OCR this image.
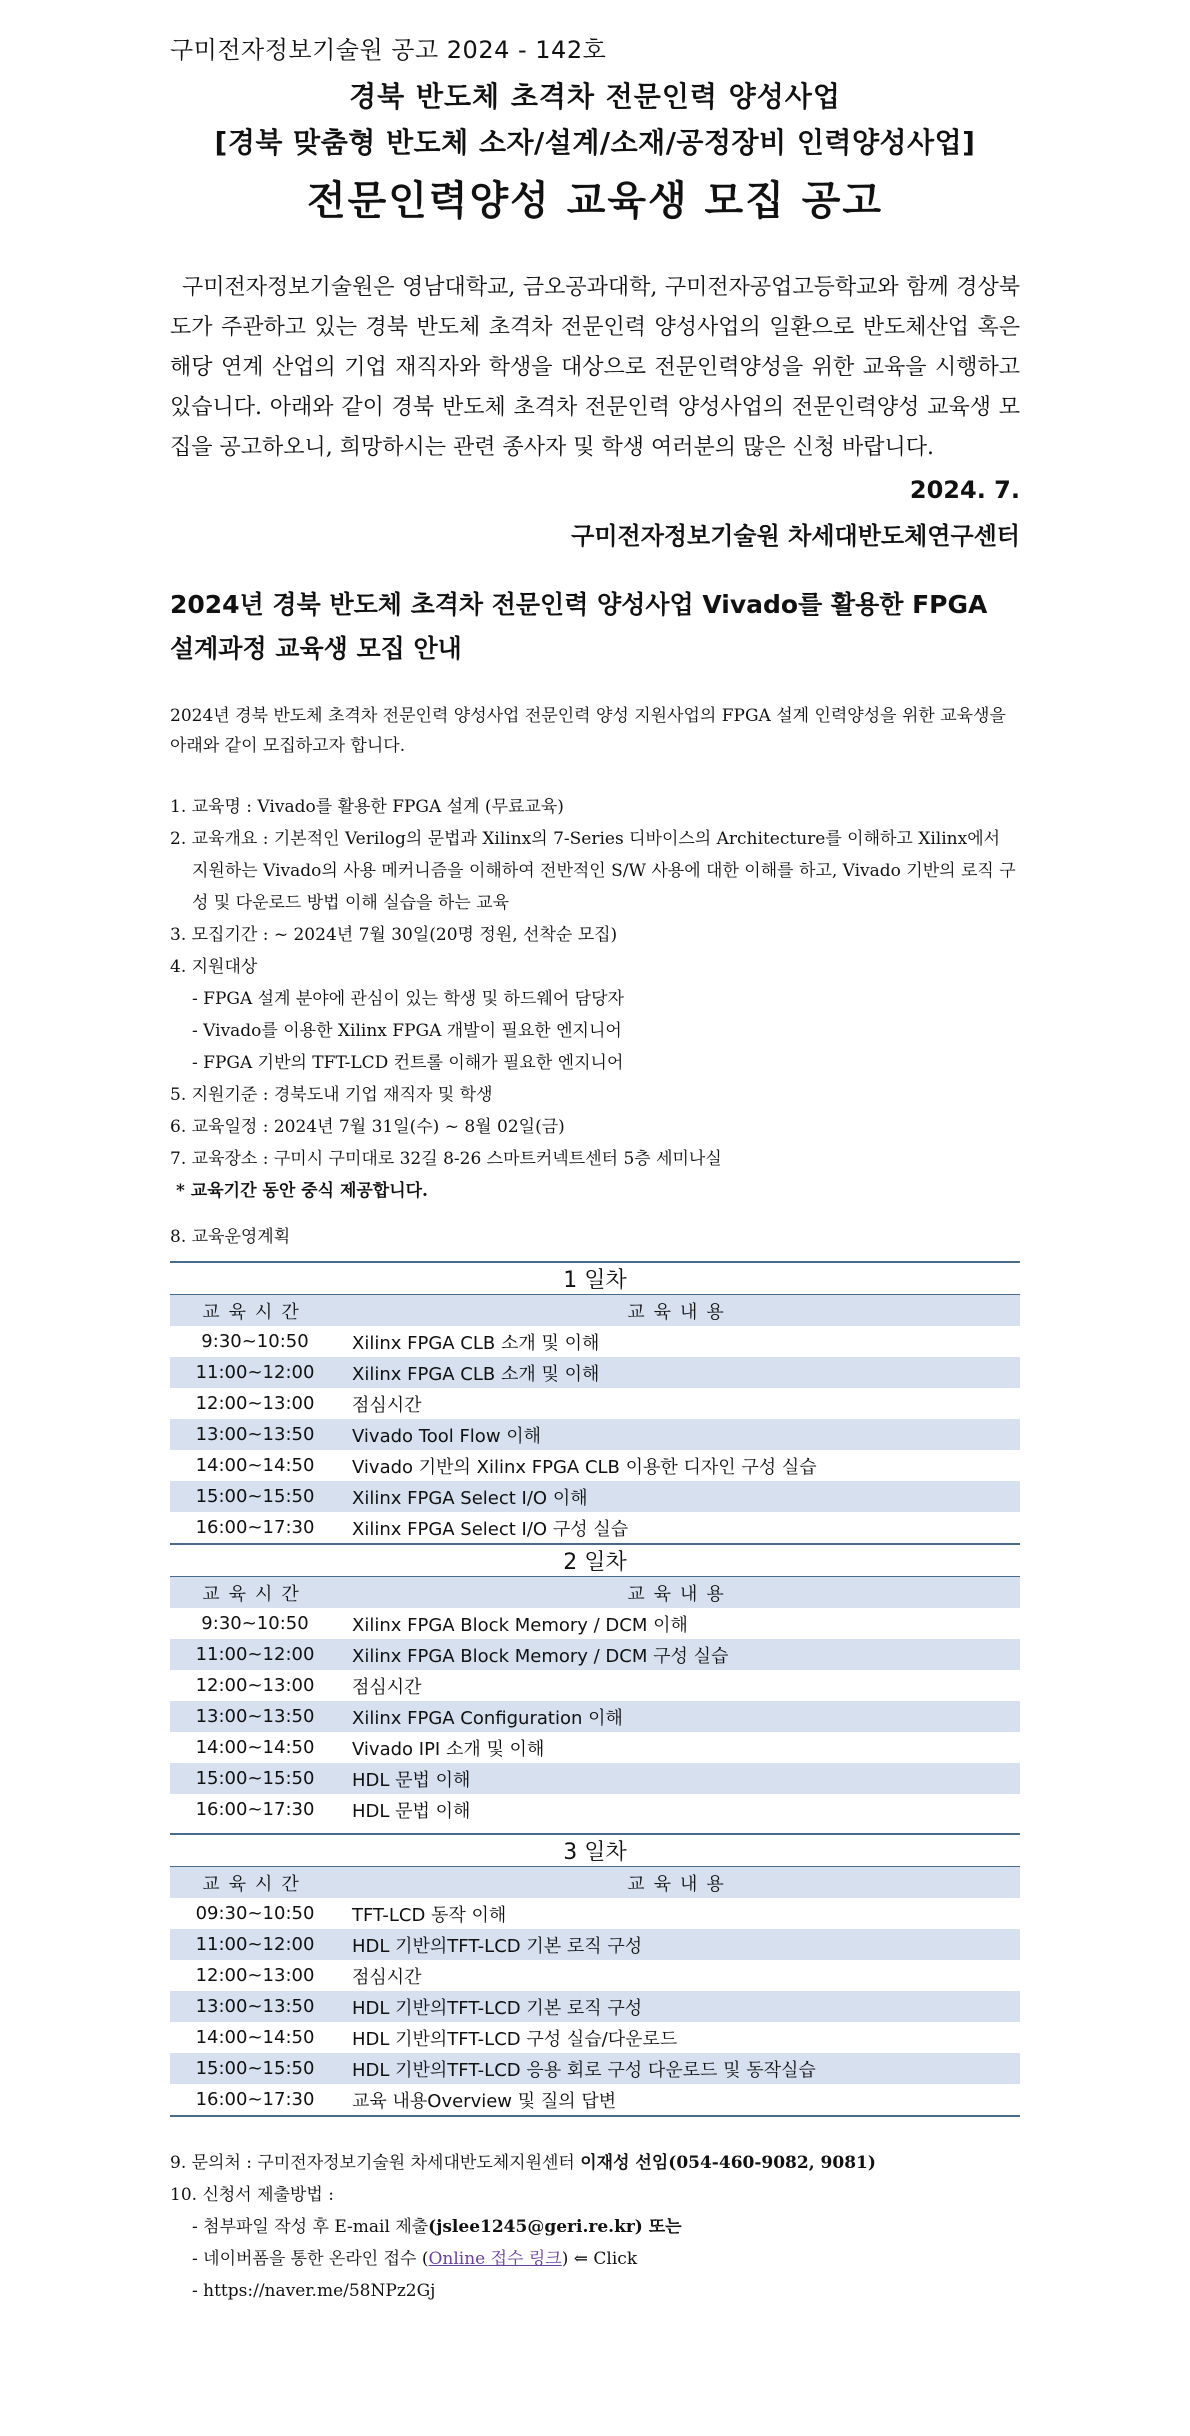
구미전자정보기술원 공고 2024 - 142호

경북 반도체 초격차 전문인력 양성사업

[경북 맞춤형 반도체 소자/설계/소재/공정장비 인력양성사업]

전문인력양성 교육생 모집 공고

구미전자정보기술원은 영남대학교, 금오공과대학, 구미전자공업고등학교와 함께 경상북도가 주관하고 있는 경북 반도체 초격차 전문인력 양성사업의 일환으로 반도체산업 혹은 해당 연계 산업의 기업 재직자와 학생을 대상으로 전문인력양성을 위한 교육을 시행하고 있습니다. 아래와 같이 경북 반도체 초격차 전문인력 양성사업의 전문인력양성 교육생 모집을 공고하오니, 희망하시는 관련 종사자 및 학생 여러분의 많은 신청 바랍니다.

2024. 7.

구미전자정보기술원 차세대반도체연구센터

2024년 경북 반도체 초격차 전문인력 양성사업 Vivado를 활용한 FPGA 설계과정 교육생 모집 안내

2024년 경북 반도체 초격차 전문인력 양성사업 전문인력 양성 지원사업의 FPGA 설계 인력양성을 위한 교육생을 아래와 같이 모집하고자 합니다.

1. 교육명 : Vivado를 활용한 FPGA 설계 (무료교육)

2. 교육개요 : 기본적인 Verilog의 문법과 Xilinx의 7-Series 디바이스의 Architecture를 이해하고 Xilinx에서 지원하는 Vivado의 사용 메커니즘을 이해하여 전반적인 S/W 사용에 대한 이해를 하고, Vivado 기반의 로직 구성 및 다운로드 방법 이해 실습을 하는 교육

3. 모집기간 : ~ 2024년 7월 30일(20명 정원, 선착순 모집)

4. 지원대상

- FPGA 설계 분야에 관심이 있는 학생 및 하드웨어 담당자

- Vivado를 이용한 Xilinx FPGA 개발이 필요한 엔지니어

- FPGA 기반의 TFT-LCD 컨트롤 이해가 필요한 엔지니어

5. 지원기준 : 경북도내 기업 재직자 및 학생

6. 교육일정 : 2024년 7월 31일(수) ~ 8월 02일(금)

7. 교육장소 : 구미시 구미대로 32길 8-26 스마트커넥트센터 5층 세미나실

* 교육기간 동안 중식 제공합니다.

8. 교육운영계획

1 일차	
교육시간	교육내용
9:30~10:50	Xilinx FPGA CLB 소개 및 이해
11:00~12:00	Xilinx FPGA CLB 소개 및 이해
12:00~13:00	점심시간
13:00~13:50	Vivado Tool Flow 이해
14:00~14:50	Vivado 기반의 Xilinx FPGA CLB 이용한 디자인 구성 실습
15:00~15:50	Xilinx FPGA Select I/O 이해
16:00~17:30	Xilinx FPGA Select I/O 구성 실습
2 일차	
교육시간	교육내용
9:30~10:50	Xilinx FPGA Block Memory / DCM 이해
11:00~12:00	Xilinx FPGA Block Memory / DCM 구성 실습
12:00~13:00	점심시간
13:00~13:50	Xilinx FPGA Configuration 이해
14:00~14:50	Vivado IPI 소개 및 이해
15:00~15:50	HDL 문법 이해
16:00~17:30	HDL 문법 이해
3 일차	
교육시간	교육내용
09:30~10:50	TFT-LCD 동작 이해
11:00~12:00	HDL 기반의TFT-LCD 기본 로직 구성
12:00~13:00	점심시간
13:00~13:50	HDL 기반의TFT-LCD 기본 로직 구성
14:00~14:50	HDL 기반의TFT-LCD 구성 실습/다운로드
15:00~15:50	HDL 기반의TFT-LCD 응용 회로 구성 다운로드 및 동작실습
16:00~17:30	교육 내용Overview 및 질의 답변

9. 문의처 : 구미전자정보기술원 차세대반도체지원센터 이재성 선임(054-460-9082, 9081)

10. 신청서 제출방법 :

- 첨부파일 작성 후 E-mail 제출(jslee1245@geri.re.kr) 또는

- 네이버폼을 통한 온라인 접수 (Online 접수 링크) ⇐ Click

- https://naver.me/58NPz2Gj
